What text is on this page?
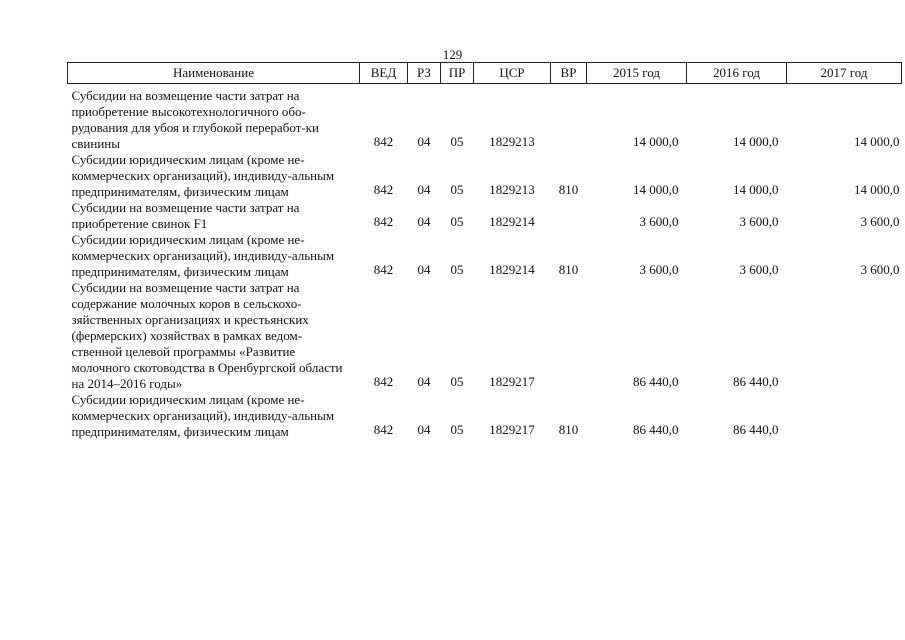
129
Наименование	ВЕД	РЗ	ПР	ЦСР	ВР	2015 год	2016 год	2017 год
Субсидии на возмещение части затрат на приобретение высокотехнологичного обо-рудования для убоя и глубокой переработ-ки свинины	842	04	05	1829213		14 000,0	14 000,0	14 000,0
Субсидии юридическим лицам (кроме не-коммерческих организаций), индивиду-альным предпринимателям, физическим лицам	842	04	05	1829213	810	14 000,0	14 000,0	14 000,0
Субсидии на возмещение части затрат на приобретение свинок F1	842	04	05	1829214		3 600,0	3 600,0	3 600,0
Субсидии юридическим лицам (кроме не-коммерческих организаций), индивиду-альным предпринимателям, физическим лицам	842	04	05	1829214	810	3 600,0	3 600,0	3 600,0
Субсидии на возмещение части затрат на содержание молочных коров в сельскохо-зяйственных организациях и крестьянских (фермерских) хозяйствах в рамках ведом-ственной целевой программы «Развитие молочного скотоводства в Оренбургской области на 2014–2016 годы»	842	04	05	1829217		86 440,0	86 440,0	
Субсидии юридическим лицам (кроме не-коммерческих организаций), индивиду-альным предпринимателям, физическим лицам	842	04	05	1829217	810	86 440,0	86 440,0	
